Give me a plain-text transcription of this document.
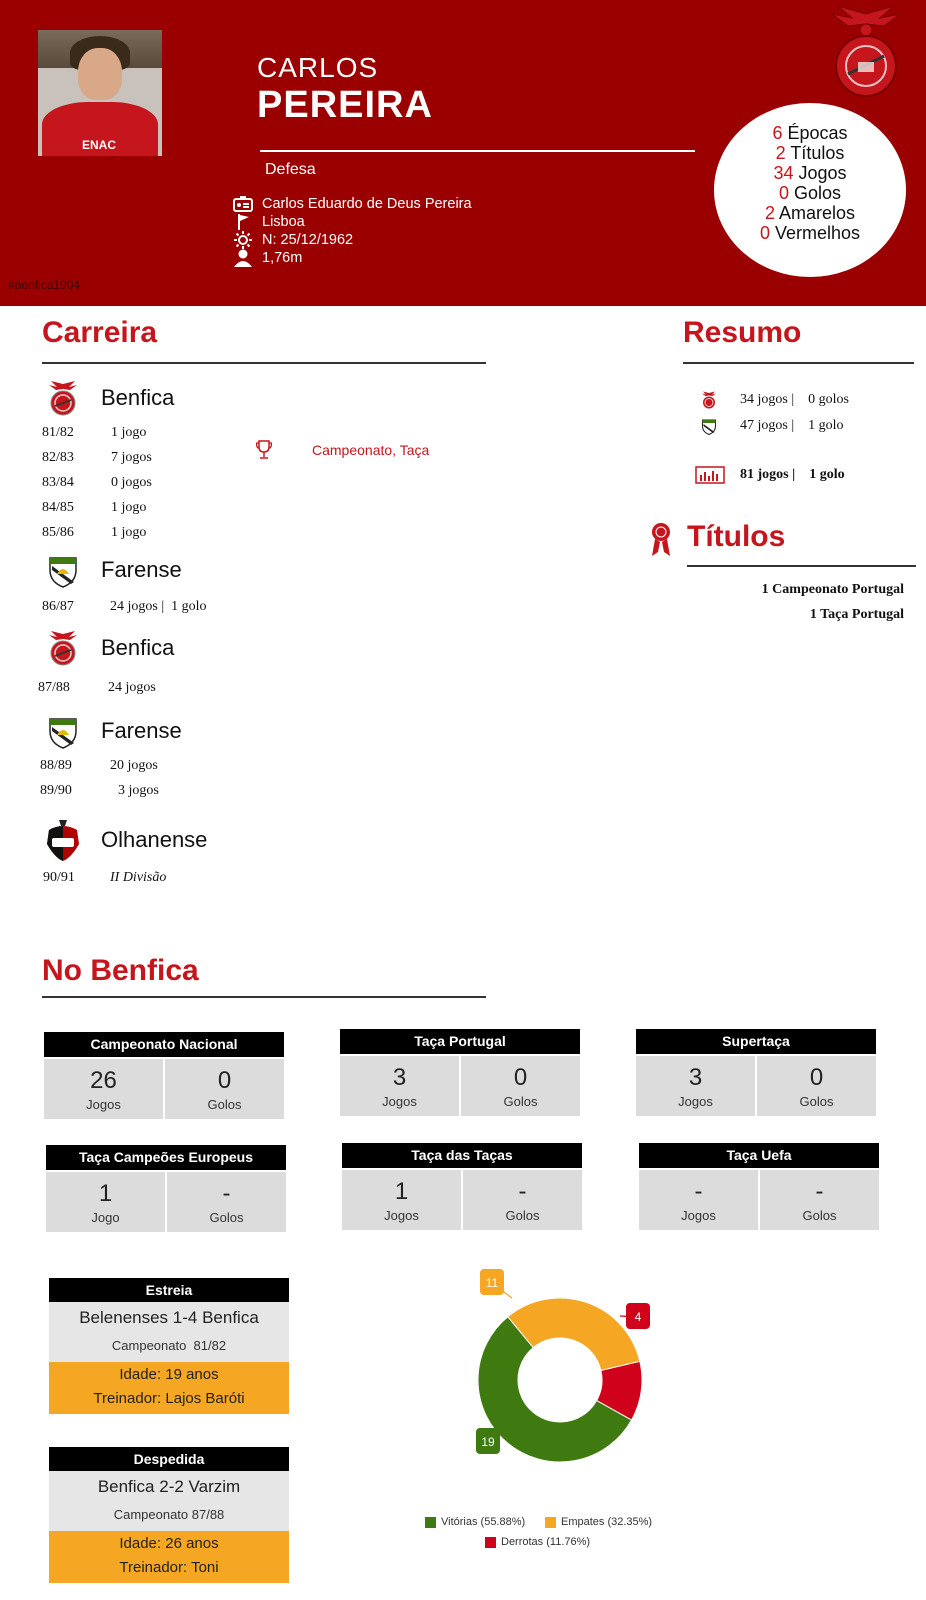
ENAC
CARLOS
PEREIRA
Defesa
Carlos Eduardo de Deus Pereira
Lisboa
N: 25/12/1962
1,76m
#benfica1904
6 Épocas
2 Títulos
34 Jogos
0 Golos
2 Amarelos
0 Vermelhos
Carreira
Benfica
81/82	1 jogo
82/83	7 jogos
83/84	0 jogos
84/85	1 jogo
85/86	1 jogo
Campeonato, Taça
Farense
86/87	24 jogos |  1 golo
Benfica
87/88	24 jogos
Farense
88/89	20 jogos
89/90	3 jogos
Olhanense
90/91	II Divisão
Resumo
34 jogos |    0 golos
47 jogos |    1 golo
81 jogos |    1 golo
Títulos
1 Campeonato Portugal
1 Taça Portugal
No Benfica
Campeonato Nacional
26
Jogos
0
Golos
Taça Portugal
3
Jogos
0
Golos
Supertaça
3
Jogos
0
Golos
Taça Campeões Europeus
1
Jogo
-
Golos
Taça das Taças
1
Jogos
-
Golos
Taça Uefa
-
Jogos
-
Golos
Estreia
Belenenses 1-4 Benfica
Campeonato  81/82
Idade: 19 anos
Treinador: Lajos Baróti
Despedida
Benfica 2-2 Varzim
Campeonato 87/88
Idade: 26 anos
Treinador: Toni
11
4
19
Vitórias (55.88%)	Empates (32.35%)
Derrotas (11.76%)
